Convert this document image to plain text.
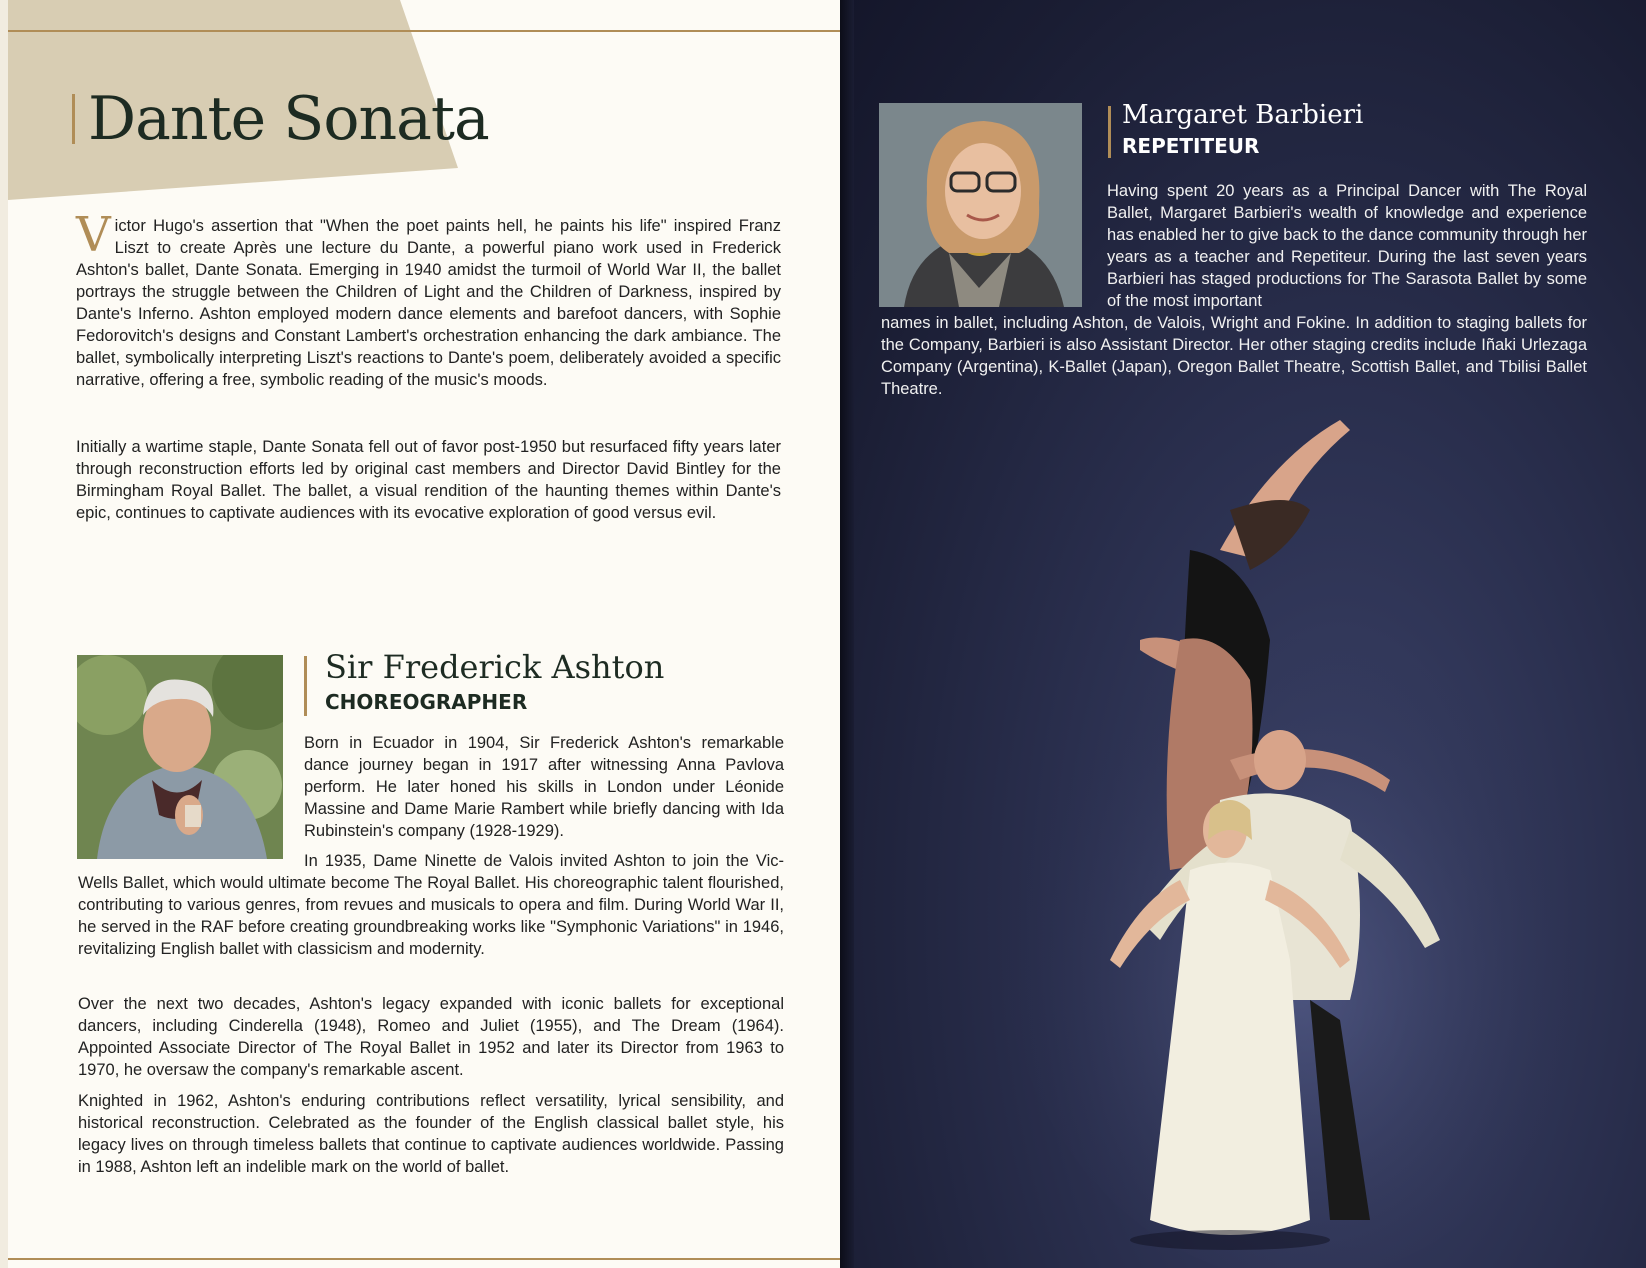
Dante Sonata

Victor Hugo's assertion that "When the poet paints hell, he paints his life" inspired Franz Liszt to create Après une lecture du Dante, a powerful piano work used in Frederick Ashton's ballet, Dante Sonata. Emerging in 1940 amidst the turmoil of World War II, the ballet portrays the struggle between the Children of Light and the Children of Darkness, inspired by Dante's Inferno. Ashton employed modern dance elements and barefoot dancers, with Sophie Fedorovitch's designs and Constant Lambert's orchestration enhancing the dark ambiance. The ballet, symbolically interpreting Liszt's reactions to Dante's poem, deliberately avoided a specific narrative, offering a free, symbolic reading of the music's moods.

Initially a wartime staple, Dante Sonata fell out of favor post-1950 but resurfaced fifty years later through reconstruction efforts led by original cast members and Director David Bintley for the Birmingham Royal Ballet. The ballet, a visual rendition of the haunting themes within Dante's epic, continues to captivate audiences with its evocative exploration of good versus evil.

Sir Frederick Ashton
CHOREOGRAPHER

Born in Ecuador in 1904, Sir Frederick Ashton's remarkable dance journey began in 1917 after witnessing Anna Pavlova perform. He later honed his skills in London under Léonide Massine and Dame Marie Rambert while briefly dancing with Ida Rubinstein's company (1928-1929).

In 1935, Dame Ninette de Valois invited Ashton to join the Vic-Wells Ballet, which would ultimate become The Royal Ballet. His choreographic talent flourished, contributing to various genres, from revues and musicals to opera and film. During World War II, he served in the RAF before creating groundbreaking works like "Symphonic Variations" in 1946, revitalizing English ballet with classicism and modernity.

Over the next two decades, Ashton's legacy expanded with iconic ballets for exceptional dancers, including Cinderella (1948), Romeo and Juliet (1955), and The Dream (1964). Appointed Associate Director of The Royal Ballet in 1952 and later its Director from 1963 to 1970, he oversaw the company's remarkable ascent.

Knighted in 1962, Ashton's enduring contributions reflect versatility, lyrical sensibility, and historical reconstruction. Celebrated as the founder of the English classical ballet style, his legacy lives on through timeless ballets that continue to captivate audiences worldwide. Passing in 1988, Ashton left an indelible mark on the world of ballet.

Margaret Barbieri
REPETITEUR

Having spent 20 years as a Principal Dancer with The Royal Ballet, Margaret Barbieri's wealth of knowledge and experience has enabled her to give back to the dance community through her years as a teacher and Repetiteur. During the last seven years Barbieri has staged productions for The Sarasota Ballet by some of the most important

names in ballet, including Ashton, de Valois, Wright and Fokine. In addition to staging ballets for the Company, Barbieri is also Assistant Director. Her other staging credits include Iñaki Urlezaga Company (Argentina), K-Ballet (Japan), Oregon Ballet Theatre, Scottish Ballet, and Tbilisi Ballet Theatre.
